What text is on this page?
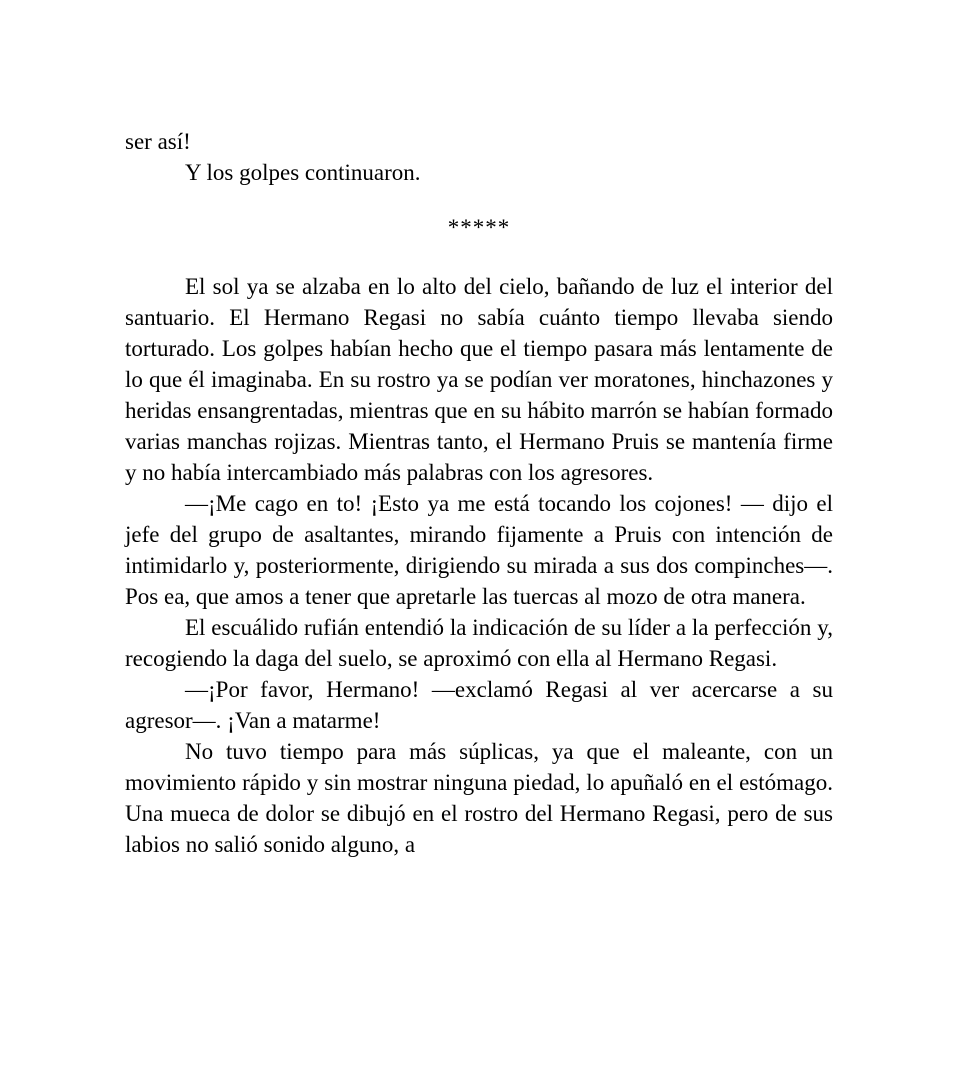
ser así!

Y los golpes continuaron.

*****

El sol ya se alzaba en lo alto del cielo, bañando de luz el interior del santuario. El Hermano Regasi no sabía cuánto tiempo llevaba siendo torturado. Los golpes habían hecho que el tiempo pasara más lentamente de lo que él imaginaba. En su rostro ya se podían ver moratones, hinchazones y heridas ensangrentadas, mientras que en su hábito marrón se habían formado varias manchas rojizas. Mientras tanto, el Hermano Pruis se mantenía firme y no había intercambiado más palabras con los agresores.

—¡Me cago en to! ¡Esto ya me está tocando los cojones! — dijo el jefe del grupo de asaltantes, mirando fijamente a Pruis con intención de intimidarlo y, posteriormente, dirigiendo su mirada a sus dos compinches—. Pos ea, que amos a tener que apretarle las tuercas al mozo de otra manera.

El escuálido rufián entendió la indicación de su líder a la perfección y, recogiendo la daga del suelo, se aproximó con ella al Hermano Regasi.

—¡Por favor, Hermano! —exclamó Regasi al ver acercarse a su agresor—. ¡Van a matarme!

No tuvo tiempo para más súplicas, ya que el maleante, con un movimiento rápido y sin mostrar ninguna piedad, lo apuñaló en el estómago. Una mueca de dolor se dibujó en el rostro del Hermano Regasi, pero de sus labios no salió sonido alguno, a
